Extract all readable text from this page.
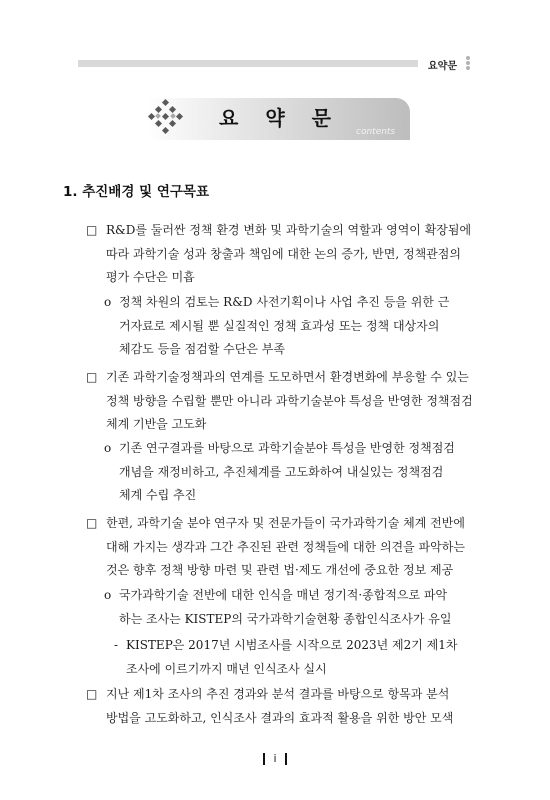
요약문
요 약 문
contents
1. 추진배경 및 연구목표
□ R&D를 둘러싼 정책 환경 변화 및 과학기술의 역할과 영역이 확장됨에
따라 과학기술 성과 창출과 책임에 대한 논의 증가, 반면, 정책관점의
평가 수단은 미흡
o 정책 차원의 검토는 R&D 사전기획이나 사업 추진 등을 위한 근
거자료로 제시될 뿐 실질적인 정책 효과성 또는 정책 대상자의
체감도 등을 점검할 수단은 부족
□ 기존 과학기술정책과의 연계를 도모하면서 환경변화에 부응할 수 있는
정책 방향을 수립할 뿐만 아니라 과학기술분야 특성을 반영한 정책점검
체계 기반을 고도화
o 기존 연구결과를 바탕으로 과학기술분야 특성을 반영한 정책점검
개념을 재정비하고, 추진체계를 고도화하여 내실있는 정책점검
체계 수립 추진
□ 한편, 과학기술 분야 연구자 및 전문가들이 국가과학기술 체계 전반에
대해 가지는 생각과 그간 추진된 관련 정책들에 대한 의견을 파악하는
것은 향후 정책 방향 마련 및 관련 법·제도 개선에 중요한 정보 제공
o 국가과학기술 전반에 대한 인식을 매년 정기적·종합적으로 파악
하는 조사는 KISTEP의 국가과학기술현황 종합인식조사가 유일
- KISTEP은 2017년 시범조사를 시작으로 2023년 제2기 제1차
조사에 이르기까지 매년 인식조사 실시
□ 지난 제1차 조사의 추진 경과와 분석 결과를 바탕으로 항목과 분석
방법을 고도화하고, 인식조사 결과의 효과적 활용을 위한 방안 모색
i
